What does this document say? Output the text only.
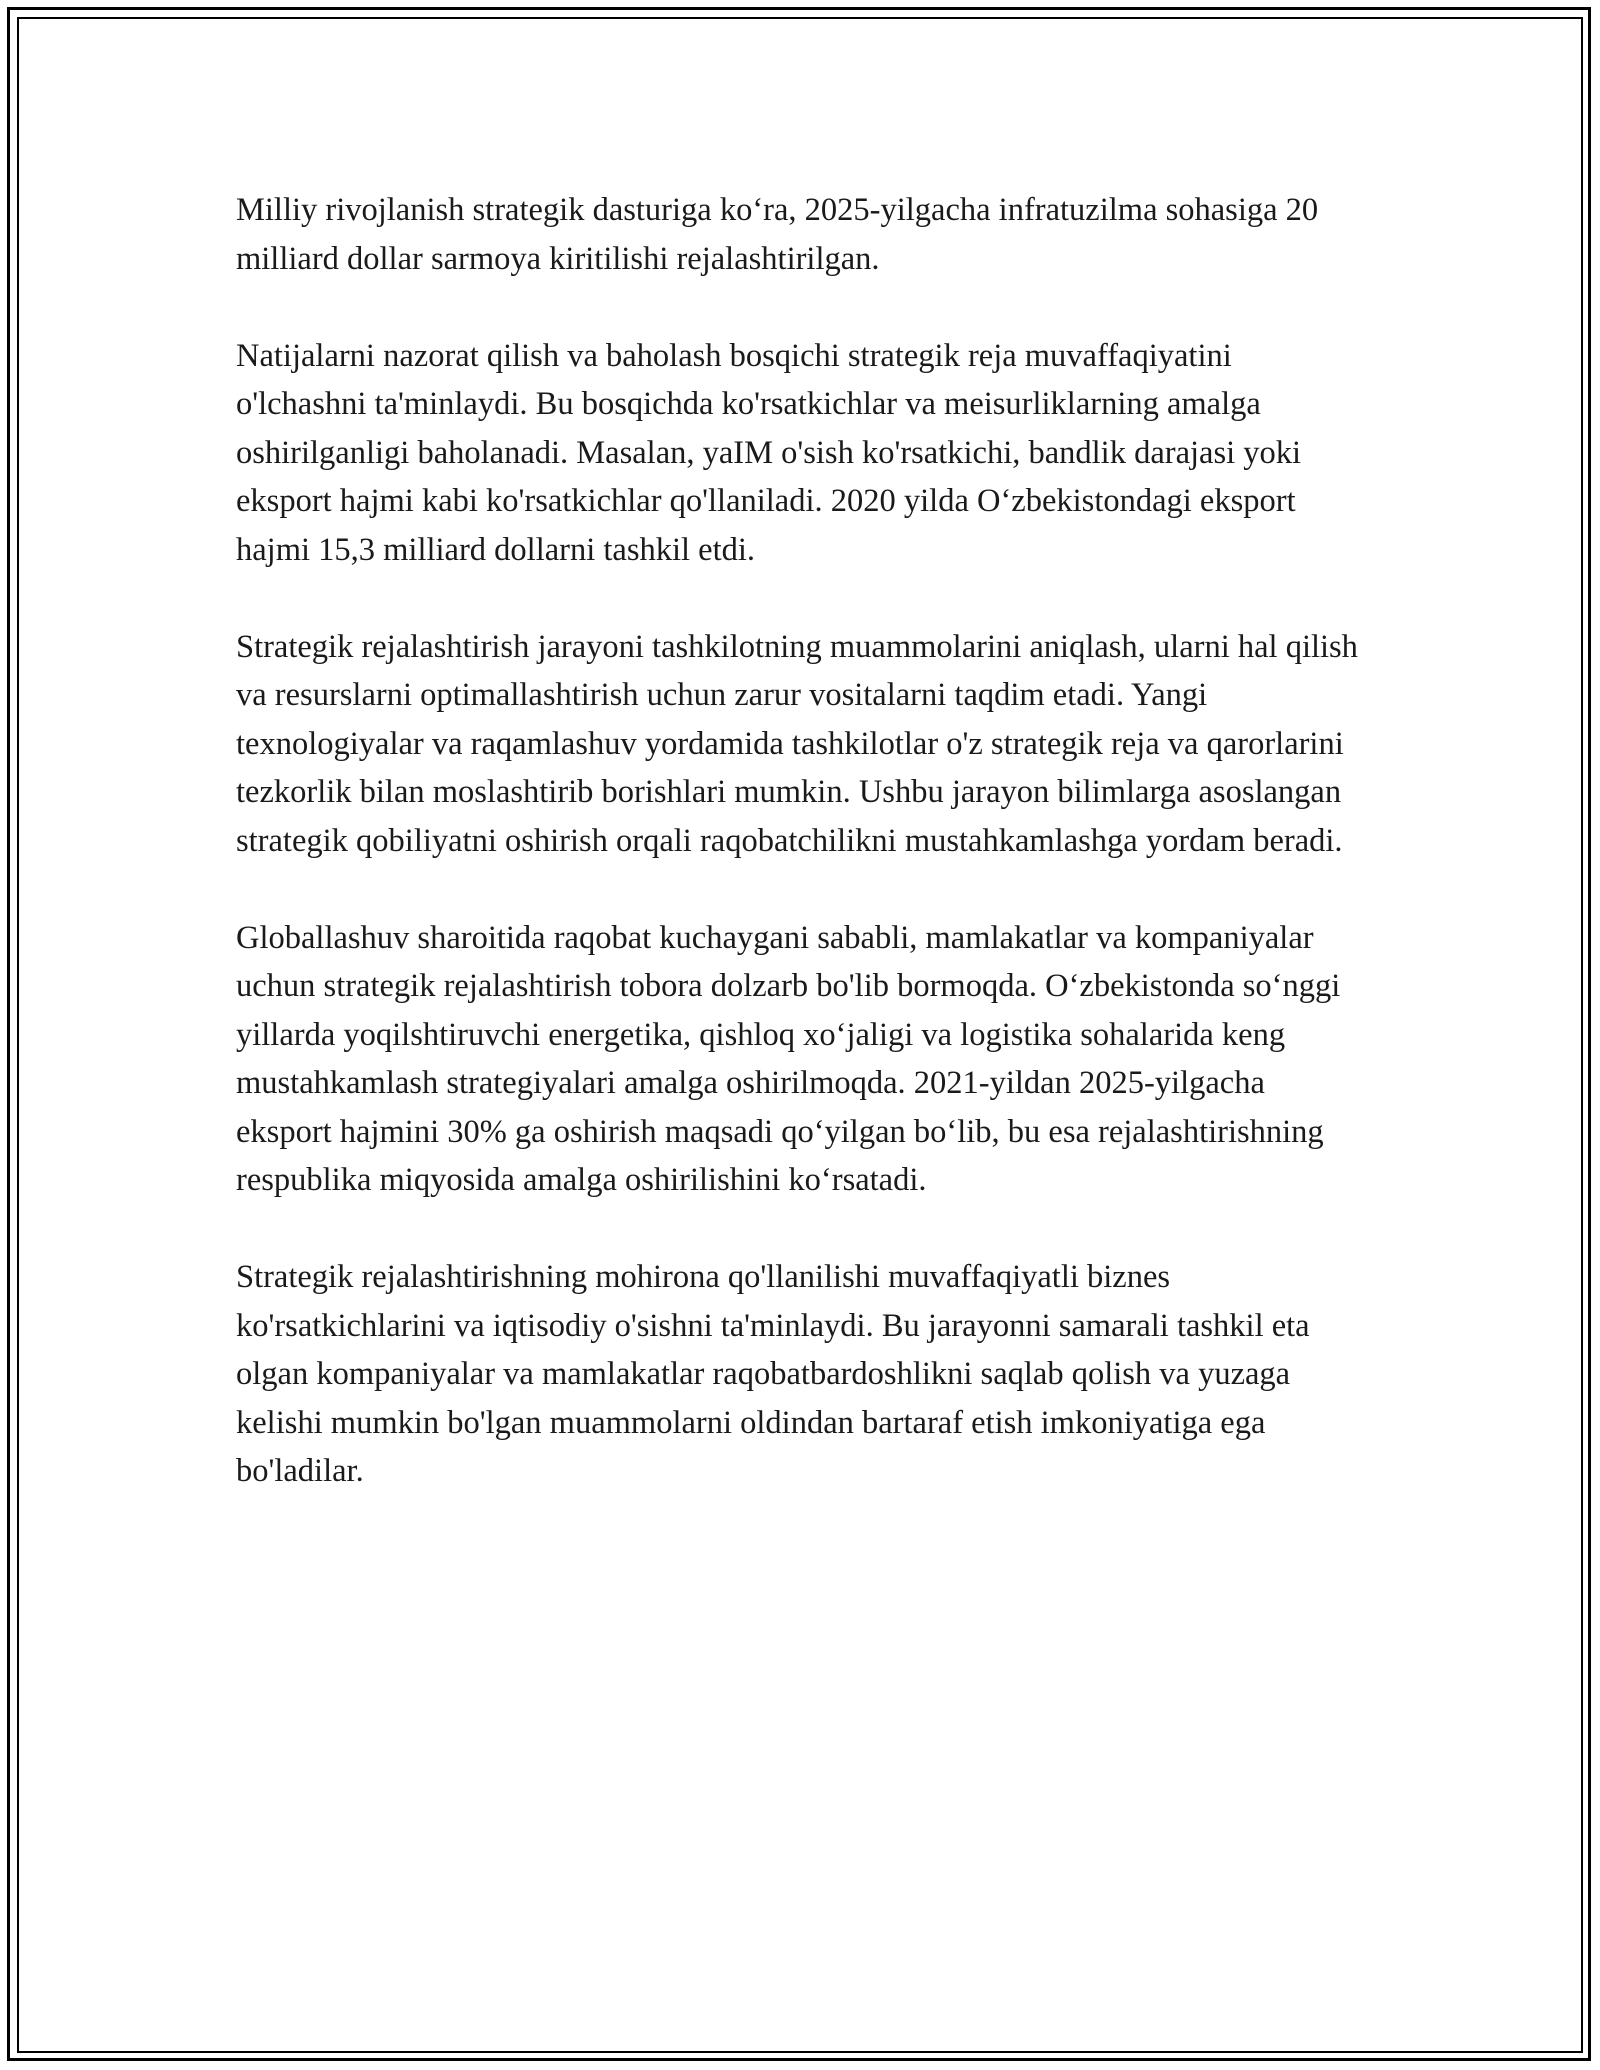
Milliy rivojlanish strategik dasturiga ko‘ra, 2025-yilgacha infratuzilma sohasiga 20 milliard dollar sarmoya kiritilishi rejalashtirilgan.

Natijalarni nazorat qilish va baholash bosqichi strategik reja muvaffaqiyatini o'lchashni ta'minlaydi. Bu bosqichda ko'rsatkichlar va meisurliklarning amalga oshirilganligi baholanadi. Masalan, yaIM o'sish ko'rsatkichi, bandlik darajasi yoki eksport hajmi kabi ko'rsatkichlar qo'llaniladi. 2020 yilda O‘zbekistondagi eksport hajmi 15,3 milliard dollarni tashkil etdi.

Strategik rejalashtirish jarayoni tashkilotning muammolarini aniqlash, ularni hal qilish va resurslarni optimallashtirish uchun zarur vositalarni taqdim etadi. Yangi texnologiyalar va raqamlashuv yordamida tashkilotlar o'z strategik reja va qarorlarini tezkorlik bilan moslashtirib borishlari mumkin. Ushbu jarayon bilimlarga asoslangan strategik qobiliyatni oshirish orqali raqobatchilikni mustahkamlashga yordam beradi.

Globallashuv sharoitida raqobat kuchaygani sababli, mamlakatlar va kompaniyalar uchun strategik rejalashtirish tobora dolzarb bo'lib bormoqda. O‘zbekistonda so‘nggi yillarda yoqilshtiruvchi energetika, qishloq xo‘jaligi va logistika sohalarida keng mustahkamlash strategiyalari amalga oshirilmoqda. 2021-yildan 2025-yilgacha eksport hajmini 30% ga oshirish maqsadi qo‘yilgan bo‘lib, bu esa rejalashtirishning respublika miqyosida amalga oshirilishini ko‘rsatadi.

Strategik rejalashtirishning mohirona qo'llanilishi muvaffaqiyatli biznes ko'rsatkichlarini va iqtisodiy o'sishni ta'minlaydi. Bu jarayonni samarali tashkil eta olgan kompaniyalar va mamlakatlar raqobatbardoshlikni saqlab qolish va yuzaga kelishi mumkin bo'lgan muammolarni oldindan bartaraf etish imkoniyatiga ega bo'ladilar.
